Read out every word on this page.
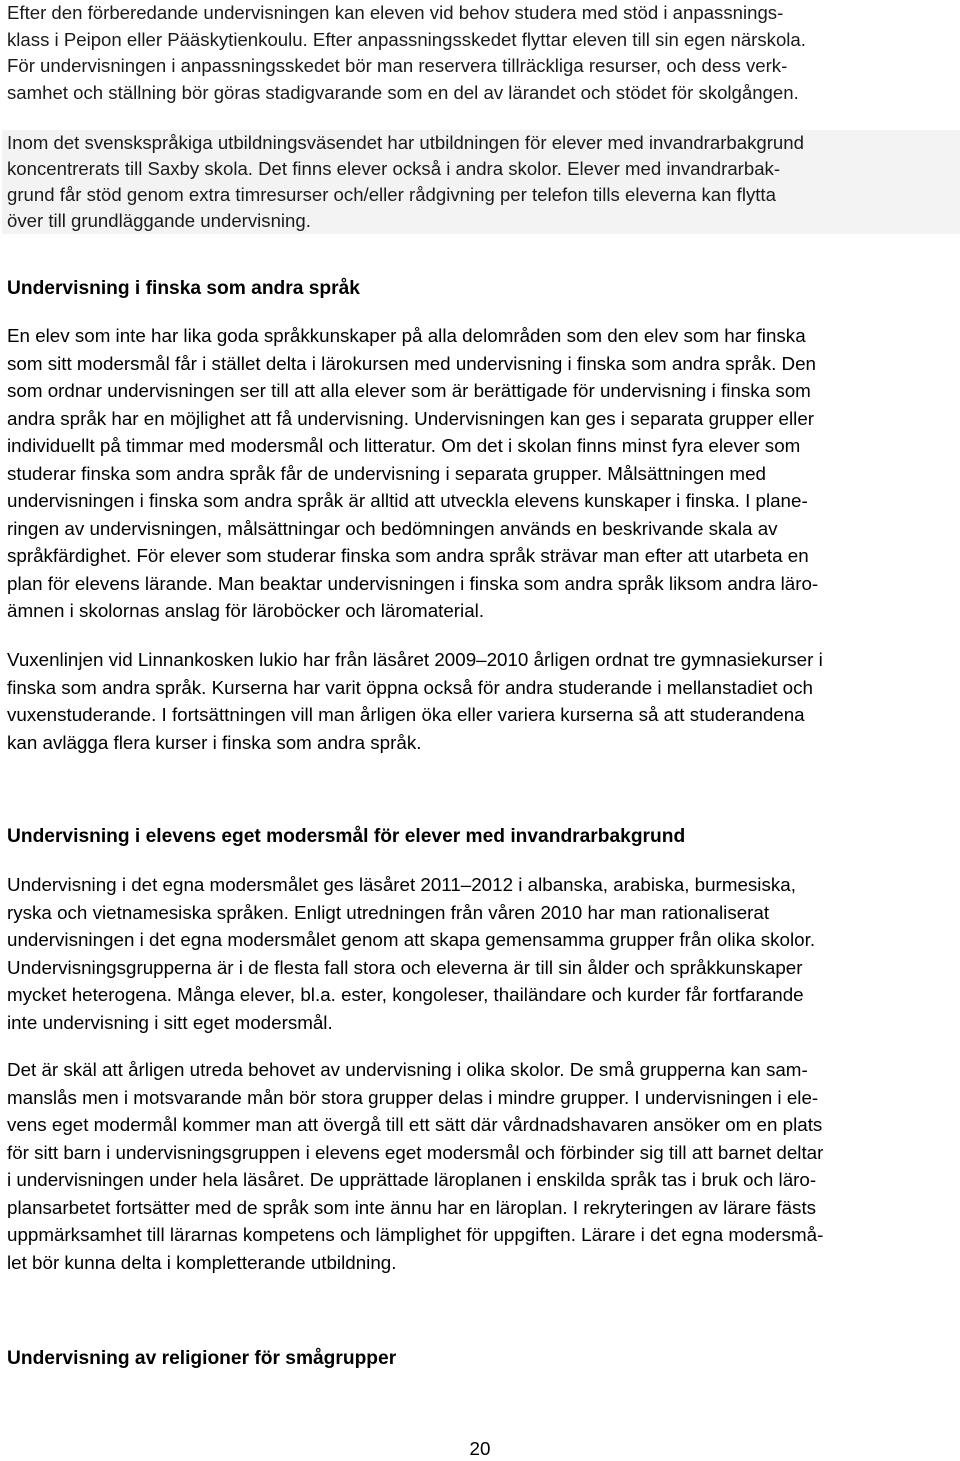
Efter den förberedande undervisningen kan eleven vid behov studera med stöd i anpassnings-
klass i Peipon eller Pääskytienkoulu. Efter anpassningsskedet flyttar eleven till sin egen närskola.
För undervisningen i anpassningsskedet bör man reservera tillräckliga resurser, och dess verk-
samhet och ställning bör göras stadigvarande som en del av lärandet och stödet för skolgången.

Inom det svenskspråkiga utbildningsväsendet har utbildningen för elever med invandrarbakgrund
koncentrerats till Saxby skola. Det finns elever också i andra skolor. Elever med invandrarbak-
grund får stöd genom extra timresurser och/eller rådgivning per telefon tills eleverna kan flytta
över till grundläggande undervisning.

Undervisning i finska som andra språk

En elev som inte har lika goda språkkunskaper på alla delområden som den elev som har finska
som sitt modersmål får i stället delta i lärokursen med undervisning i finska som andra språk. Den
som ordnar undervisningen ser till att alla elever som är berättigade för undervisning i finska som
andra språk har en möjlighet att få undervisning. Undervisningen kan ges i separata grupper eller
individuellt på timmar med modersmål och litteratur. Om det i skolan finns minst fyra elever som
studerar finska som andra språk får de undervisning i separata grupper. Målsättningen med
undervisningen i finska som andra språk är alltid att utveckla elevens kunskaper i finska. I plane-
ringen av undervisningen, målsättningar och bedömningen används en beskrivande skala av
språkfärdighet. För elever som studerar finska som andra språk strävar man efter att utarbeta en
plan för elevens lärande. Man beaktar undervisningen i finska som andra språk liksom andra läro-
ämnen i skolornas anslag för läroböcker och läromaterial.

Vuxenlinjen vid Linnankosken lukio har från läsåret 2009–2010 årligen ordnat tre gymnasiekurser i
finska som andra språk. Kurserna har varit öppna också för andra studerande i mellanstadiet och
vuxenstuderande. I fortsättningen vill man årligen öka eller variera kurserna så att studerandena
kan avlägga flera kurser i finska som andra språk.

Undervisning i elevens eget modersmål för elever med invandrarbakgrund

Undervisning i det egna modersmålet ges läsåret 2011–2012 i albanska, arabiska, burmesiska,
ryska och vietnamesiska språken. Enligt utredningen från våren 2010 har man rationaliserat
undervisningen i det egna modersmålet genom att skapa gemensamma grupper från olika skolor.
Undervisningsgrupperna är i de flesta fall stora och eleverna är till sin ålder och språkkunskaper
mycket heterogena. Många elever, bl.a. ester, kongoleser, thailändare och kurder får fortfarande
inte undervisning i sitt eget modersmål.

Det är skäl att årligen utreda behovet av undervisning i olika skolor. De små grupperna kan sam-
manslås men i motsvarande mån bör stora grupper delas i mindre grupper. I undervisningen i ele-
vens eget modermål kommer man att övergå till ett sätt där vårdnadshavaren ansöker om en plats
för sitt barn i undervisningsgruppen i elevens eget modersmål och förbinder sig till att barnet deltar
i undervisningen under hela läsåret. De upprättade läroplanen i enskilda språk tas i bruk och läro-
plansarbetet fortsätter med de språk som inte ännu har en läroplan. I rekryteringen av lärare fästs
uppmärksamhet till lärarnas kompetens och lämplighet för uppgiften. Lärare i det egna modersmå-
let bör kunna delta i kompletterande utbildning.

Undervisning av religioner för smågrupper
20
